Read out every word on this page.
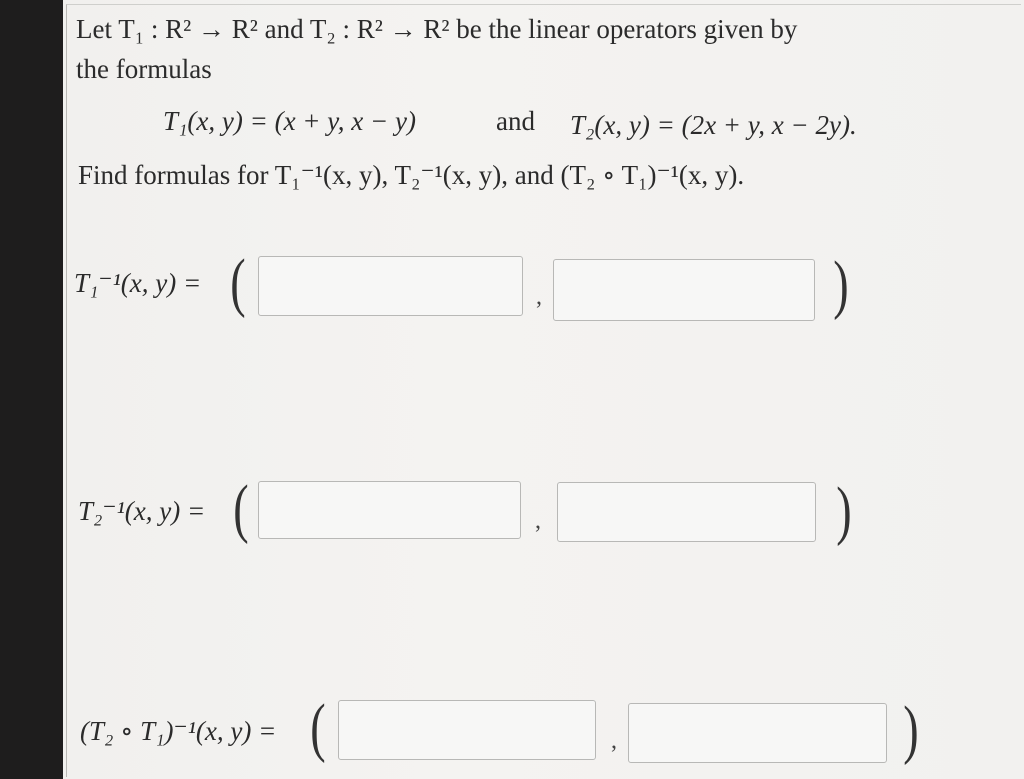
Let T₁ : R² → R² and T₂ : R² → R² be the linear operators given by
the formulas
T₁(x, y) = (x + y, x − y)	and T₂(x, y) = (2x + y, x − 2y).
Find formulas for T₁⁻¹(x, y), T₂⁻¹(x, y), and (T₂ ∘ T₁)⁻¹(x, y).
T₁⁻¹(x, y) = (	,	)
T₂⁻¹(x, y) = (	,	)
(T₂ ∘ T₁)⁻¹(x, y) = (	,	)
